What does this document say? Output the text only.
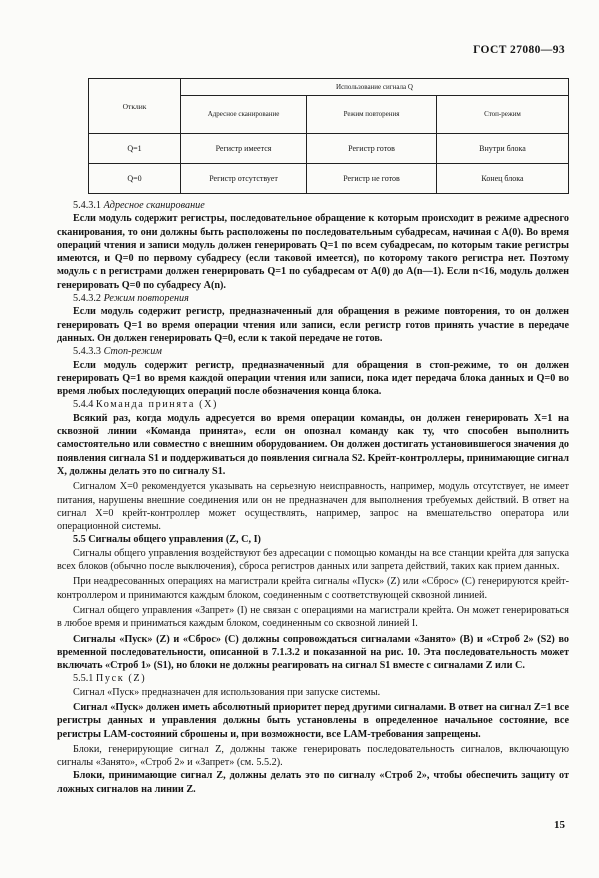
ГОСТ 27080—93
Отклик	Использование сигнала Q		
	Адресное сканирование	Режим повторения	Стоп-режим
Q=1	Регистр имеется	Регистр готов	Внутри блока
Q=0	Регистр отсутствует	Регистр не готов	Конец блока

5.4.3.1 Адресное сканирование

Если модуль содержит регистры, последовательное обращение к которым происходит в режиме адресного сканирования, то они должны быть расположены по последовательным субадресам, начиная с A(0). Во время операций чтения и записи модуль должен генерировать Q=1 по всем субадресам, по которым такие регистры имеются, и Q=0 по первому субадресу (если таковой имеется), по которому такого регистра нет. Поэтому модуль с n регистрами должен генерировать Q=1 по субадресам от A(0) до A(n—1). Если n<16, модуль должен генерировать Q=0 по субадресу A(n).

5.4.3.2 Режим повторения

Если модуль содержит регистр, предназначенный для обращения в режиме повторения, то он должен генерировать Q=1 во время операции чтения или записи, если регистр готов принять участие в передаче данных. Он должен генерировать Q=0, если к такой передаче не готов.

5.4.3.3 Стоп-режим

Если модуль содержит регистр, предназначенный для обращения в стоп-режиме, то он должен генерировать Q=1 во время каждой операции чтения или записи, пока идет передача блока данных и Q=0 во время любых последующих операций после обозначения конца блока.

5.4.4 Команда принята (X)

Всякий раз, когда модуль адресуется во время операции команды, он должен генерировать X=1 на сквозной линии «Команда принята», если он опознал команду как ту, что способен выполнить самостоятельно или совместно с внешним оборудованием. Он должен достигать установившегося значения до появления сигнала S1 и поддерживаться до появления сигнала S2. Крейт-контроллеры, принимающие сигнал X, должны делать это по сигналу S1.

Сигналом X=0 рекомендуется указывать на серьезную неисправность, например, модуль отсутствует, не имеет питания, нарушены внешние соединения или он не предназначен для выполнения требуемых действий. В ответ на сигнал X=0 крейт-контроллер может осуществлять, например, запрос на вмешательство оператора или операционной системы.

5.5 Сигналы общего управления (Z, C, I)

Сигналы общего управления воздействуют без адресации с помощью команды на все станции крейта для запуска всех блоков (обычно после выключения), сброса регистров данных или запрета действий, таких как прием данных.

При неадресованных операциях на магистрали крейта сигналы «Пуск» (Z) или «Сброс» (C) генерируются крейт-контроллером и принимаются каждым блоком, соединенным с соответствующей сквозной линией.

Сигнал общего управления «Запрет» (I) не связан с операциями на магистрали крейта. Он может генерироваться в любое время и приниматься каждым блоком, соединенным со сквозной линией I.

Сигналы «Пуск» (Z) и «Сброс» (C) должны сопровождаться сигналами «Занято» (B) и «Строб 2» (S2) во временной последовательности, описанной в 7.1.3.2 и показанной на рис. 10. Эта последовательность может включать «Строб 1» (S1), но блоки не должны реагировать на сигнал S1 вместе с сигналами Z или C.

5.5.1 Пуск (Z)

Сигнал «Пуск» предназначен для использования при запуске системы.

Сигнал «Пуск» должен иметь абсолютный приоритет перед другими сигналами. В ответ на сигнал Z=1 все регистры данных и управления должны быть установлены в определенное начальное состояние, все регистры LAM-состояний сброшены и, при возможности, все LAM-требования запрещены.

Блоки, генерирующие сигнал Z, должны также генерировать последовательность сигналов, включающую сигналы «Занято», «Строб 2» и «Запрет» (см. 5.5.2).

Блоки, принимающие сигнал Z, должны делать это по сигналу «Строб 2», чтобы обеспечить защиту от ложных сигналов на линии Z.

15
